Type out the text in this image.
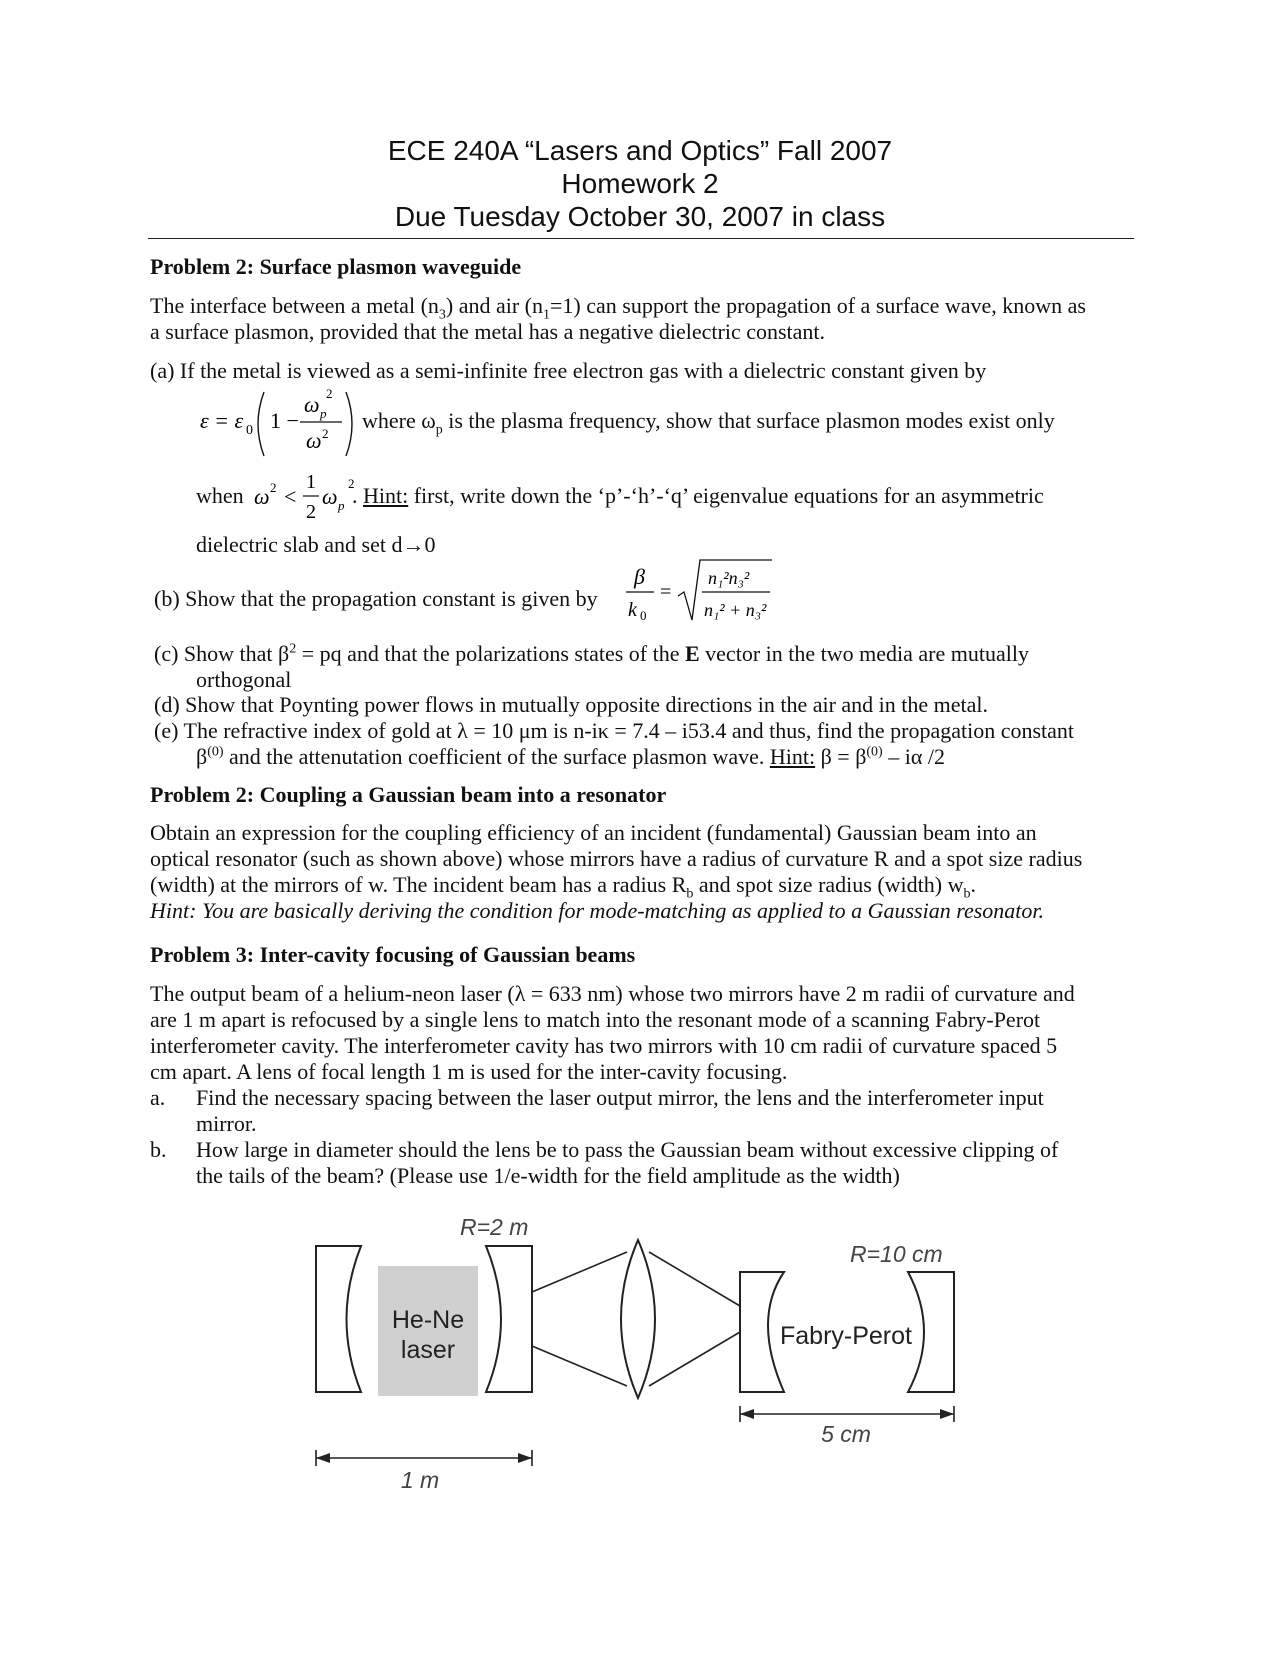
ECE 240A “Lasers and Optics” Fall 2007
Homework 2
Due Tuesday October 30, 2007 in class
Problem 2: Surface plasmon waveguide
The interface between a metal $(n_3)$ and air $(n_1=1)$ can support the propagation of a surface wave, known as
a surface plasmon, provided that the metal has a negative dielectric constant.
(a) If the metal is viewed as a semi-infinite free electron gas with a dielectric constant given by
ε = ε 0 1 −
ω p
2
ω 2
where $\omega_p$ is the plasma frequency, show that surface plasmon modes exist only
when ω 2 <
1
2
ω p
2
. Hint: first, write down the ‘p’-‘h’-‘q’ eigenvalue equations for an asymmetric
dielectric slab and set d→0
(b) Show that the propagation constant is given by
β
k 0
=
n₁²n₃²
n₁² + n₃²
(c) Show that $\beta^2$ = pq and that the polarizations states of the E vector in the two media are mutually
orthogonal
(d) Show that Poynting power flows in mutually opposite directions in the air and in the metal.
(e) The refractive index of gold at λ = 10 μm is n-iκ = 7.4 – i53.4 and thus, find the propagation constant
$\beta^{(0)}$ and the attenutation coefficient of the surface plasmon wave. Hint: $\beta = \beta^{(0)} - i\alpha$ /2
Problem 2: Coupling a Gaussian beam into a resonator
Obtain an expression for the coupling efficiency of an incident (fundamental) Gaussian beam into an
optical resonator (such as shown above) whose mirrors have a radius of curvature R and a spot size radius
(width) at the mirrors of w. The incident beam has a radius $R_b$ and spot size radius (width) $w_b$.
Hint: You are basically deriving the condition for mode-matching as applied to a Gaussian resonator.
Problem 3: Inter-cavity focusing of Gaussian beams
The output beam of a helium-neon laser (λ = 633 nm) whose two mirrors have 2 m radii of curvature and
are 1 m apart is refocused by a single lens to match into the resonant mode of a scanning Fabry-Perot
interferometer cavity. The interferometer cavity has two mirrors with 10 cm radii of curvature spaced 5
cm apart. A lens of focal length 1 m is used for the inter-cavity focusing.
a. Find the necessary spacing between the laser output mirror, the lens and the interferometer input
mirror.
b. How large in diameter should the lens be to pass the Gaussian beam without excessive clipping of
the tails of the beam? (Please use 1/e-width for the field amplitude as the width)
R=2 m
R=10 cm
He-Ne
laser	Fabry-Perot
5 cm
1 m
